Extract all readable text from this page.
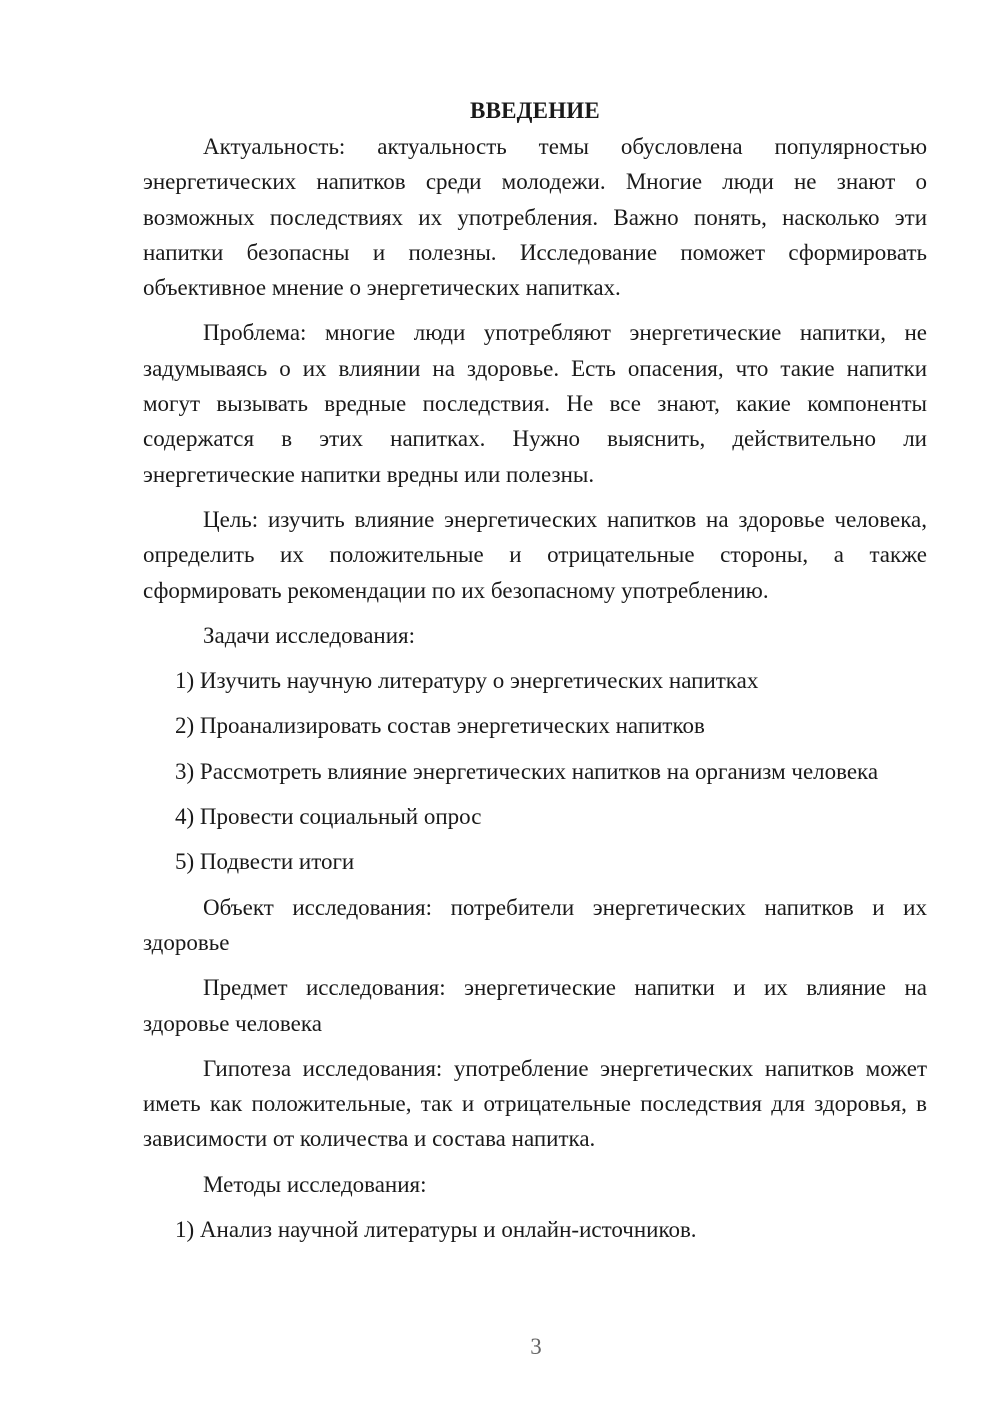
ВВЕДЕНИЕ

Актуальность: актуальность темы обусловлена популярностью энергетических напитков среди молодежи. Многие люди не знают о возможных последствиях их употребления. Важно понять, насколько эти напитки безопасны и полезны. Исследование поможет сформировать объективное мнение о энергетических напитках.

Проблема: многие люди употребляют энергетические напитки, не задумываясь о их влиянии на здоровье. Есть опасения, что такие напитки могут вызывать вредные последствия. Не все знают, какие компоненты содержатся в этих напитках. Нужно выяснить, действительно ли энергетические напитки вредны или полезны.

Цель: изучить влияние энергетических напитков на здоровье человека, определить их положительные и отрицательные стороны, а также сформировать рекомендации по их безопасному употреблению.

Задачи исследования:

1) Изучить научную литературу о энергетических напитках

2) Проанализировать состав энергетических напитков

3) Рассмотреть влияние энергетических напитков на организм человека

4) Провести социальный опрос

5) Подвести итоги

Объект исследования: потребители энергетических напитков и их здоровье

Предмет исследования: энергетические напитки и их влияние на здоровье человека

Гипотеза исследования: употребление энергетических напитков может иметь как положительные, так и отрицательные последствия для здоровья, в зависимости от количества и состава напитка.

Методы исследования:

1) Анализ научной литературы и онлайн-источников.

3
